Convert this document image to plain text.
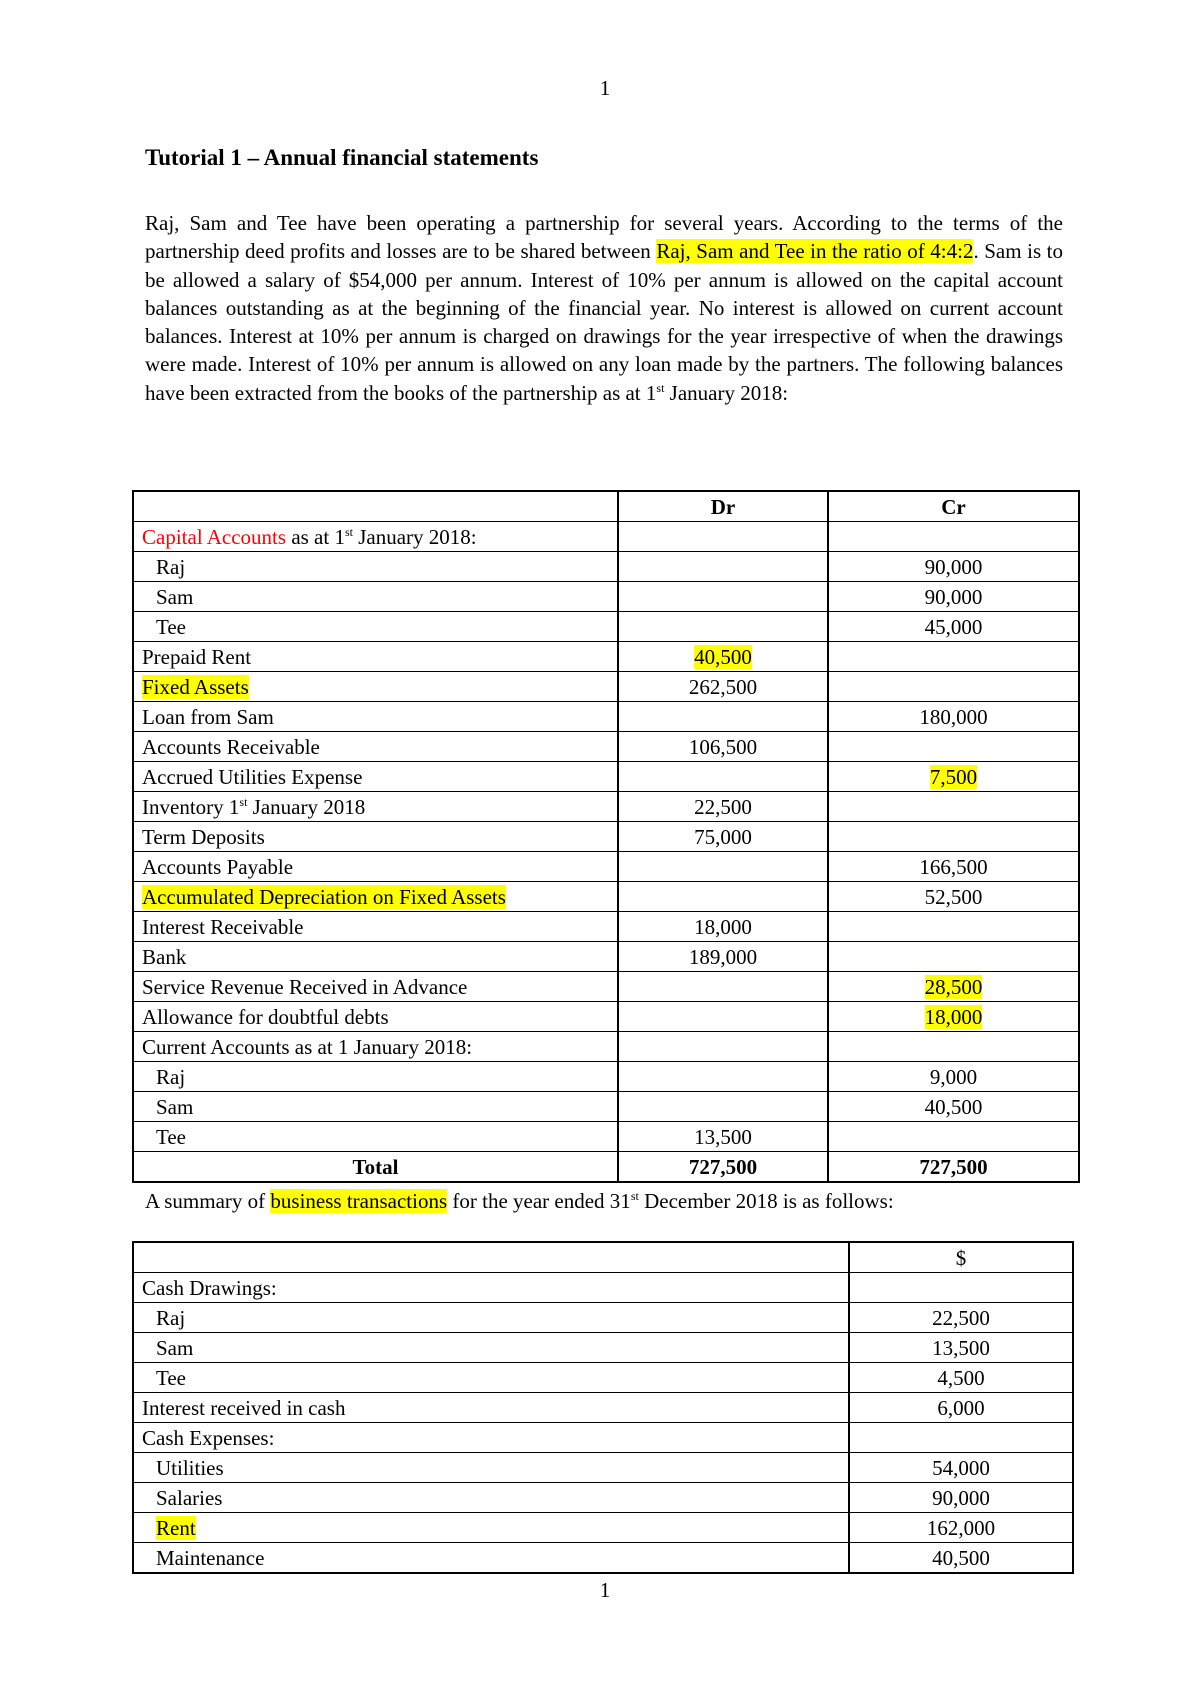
1
Tutorial 1 – Annual financial statements
Raj, Sam and Tee have been operating a partnership for several years. According to the terms of the partnership deed profits and losses are to be shared between Raj, Sam and Tee in the ratio of 4:4:2. Sam is to be allowed a salary of $54,000 per annum. Interest of 10% per annum is allowed on the capital account balances outstanding as at the beginning of the financial year. No interest is allowed on current account balances. Interest at 10% per annum is charged on drawings for the year irrespective of when the drawings were made. Interest of 10% per annum is allowed on any loan made by the partners. The following balances have been extracted from the books of the partnership as at 1st January 2018:
	Dr	Cr
Capital Accounts as at 1st January 2018:		
Raj		90,000
Sam		90,000
Tee		45,000
Prepaid Rent	40,500	
Fixed Assets	262,500	
Loan from Sam		180,000
Accounts Receivable	106,500	
Accrued Utilities Expense		7,500
Inventory 1st January 2018	22,500	
Term Deposits	75,000	
Accounts Payable		166,500
Accumulated Depreciation on Fixed Assets		52,500
Interest Receivable	18,000	
Bank	189,000	
Service Revenue Received in Advance		28,500
Allowance for doubtful debts		18,000
Current Accounts as at 1 January 2018:		
Raj		9,000
Sam		40,500
Tee	13,500	
Total	727,500	727,500
A summary of business transactions for the year ended 31st December 2018 is as follows:
	$
Cash Drawings:	
Raj	22,500
Sam	13,500
Tee	4,500
Interest received in cash	6,000
Cash Expenses:	
Utilities	54,000
Salaries	90,000
Rent	162,000
Maintenance	40,500
1
